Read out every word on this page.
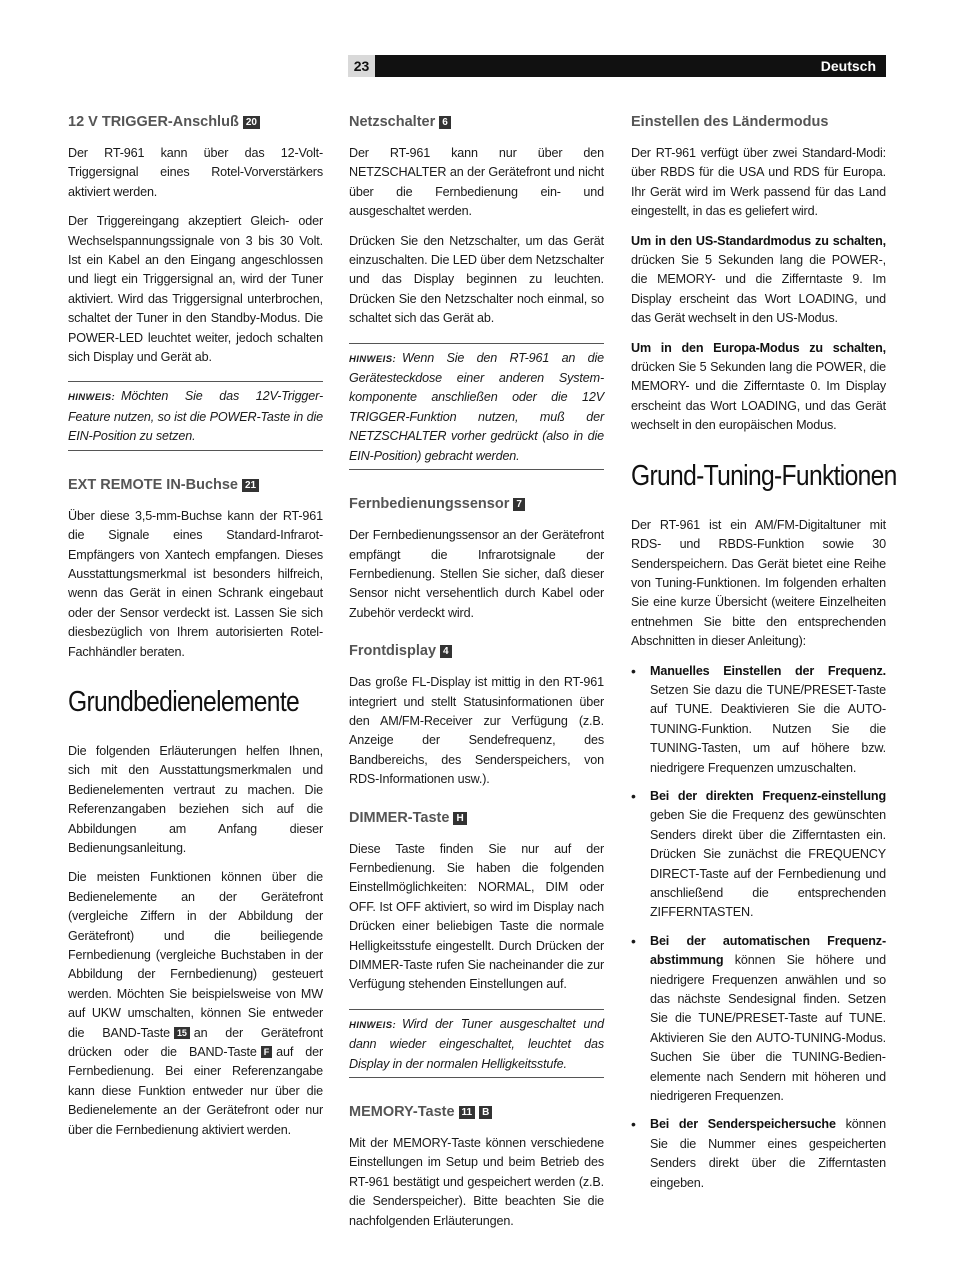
23	Deutsch
12 V TRIGGER-Anschluß 20

Der RT-961 kann über das 12-Volt-Triggersignal eines Rotel-Vorverstärkers aktiviert werden.

Der Triggereingang akzeptiert Gleich- oder Wechselspannungssignale von 3 bis 30 Volt. Ist ein Kabel an den Eingang angeschlossen und liegt ein Triggersignal an, wird der Tuner aktiviert. Wird das Triggersignal unterbrochen, schaltet der Tuner in den Standby-Modus. Die POWER-LED leuchtet weiter, jedoch schalten sich Display und Gerät ab.

HINWEIS: Möchten Sie das 12V-Trigger-Feature nutzen, so ist die POWER-Taste in die EIN-Position zu setzen.

EXT REMOTE IN-Buchse 21

Über diese 3,5-mm-Buchse kann der RT-961 die Signale eines Standard-Infrarot-Empfängers von Xantech empfangen. Dieses Ausstattungsmerkmal ist besonders hilfreich, wenn das Gerät in einen Schrank eingebaut oder der Sensor verdeckt ist. Lassen Sie sich diesbezüglich von Ihrem autorisierten Rotel-Fachhändler beraten.

Grundbedienelemente

Die folgenden Erläuterungen helfen Ihnen, sich mit den Ausstattungsmerkmalen und Bedienelementen vertraut zu machen. Die Referenzangaben beziehen sich auf die Abbildungen am Anfang dieser Bedienungsanleitung.

Die meisten Funktionen können über die Bedienelemente an der Gerätefront (vergleiche Ziffern in der Abbildung der Gerätefront) und die beiliegende Fernbedienung (vergleiche Buchstaben in der Abbildung der Fernbedienung) gesteuert werden. Möchten Sie beispielsweise von MW auf UKW umschalten, können Sie entweder die BAND-Taste 15 an der Gerätefront drücken oder die BAND-Taste F auf der Fernbedienung. Bei einer Referenzangabe kann diese Funktion entweder nur über die Bedienelemente an der Gerätefront oder nur über die Fernbedienung aktiviert werden.

Netzschalter 6

Der RT-961 kann nur über den NETZSCHALTER an der Gerätefront und nicht über die Fernbedienung ein- und ausgeschaltet werden.

Drücken Sie den Netzschalter, um das Gerät einzuschalten. Die LED über dem Netzschalter und das Display beginnen zu leuchten. Drücken Sie den Netzschalter noch einmal, so schaltet sich das Gerät ab.

HINWEIS: Wenn Sie den RT-961 an die Gerätesteckdose einer anderen System-komponente anschließen oder die 12V TRIGGER-Funktion nutzen, muß der NETZSCHALTER vorher gedrückt (also in die EIN-Position) gebracht werden.

Fernbedienungssensor 7

Der Fernbedienungssensor an der Gerätefront empfängt die Infrarotsignale der Fernbedienung. Stellen Sie sicher, daß dieser Sensor nicht versehentlich durch Kabel oder Zubehör verdeckt wird.

Frontdisplay 4

Das große FL-Display ist mittig in den RT-961 integriert und stellt Statusinformationen über den AM/FM-Receiver zur Verfügung (z.B. Anzeige der Sendefrequenz, des Bandbereichs, des Senderspeichers, von RDS-Informationen usw.).

DIMMER-Taste H

Diese Taste finden Sie nur auf der Fernbedienung. Sie haben die folgenden Einstellmöglichkeiten: NORMAL, DIM oder OFF. Ist OFF aktiviert, so wird im Display nach Drücken einer beliebigen Taste die normale Helligkeitsstufe eingestellt. Durch Drücken der DIMMER-Taste rufen Sie nacheinander die zur Verfügung stehenden Einstellungen auf.

HINWEIS: Wird der Tuner ausgeschaltet und dann wieder eingeschaltet, leuchtet das Display in der normalen Helligkeitsstufe.

MEMORY-Taste 11 B

Mit der MEMORY-Taste können verschiedene Einstellungen im Setup und beim Betrieb des RT-961 bestätigt und gespeichert werden (z.B. die Senderspeicher). Bitte beachten Sie die nachfolgenden Erläuterungen.

Einstellen des Ländermodus

Der RT-961 verfügt über zwei Standard-Modi: über RBDS für die USA und RDS für Europa. Ihr Gerät wird im Werk passend für das Land eingestellt, in das es geliefert wird.

Um in den US-Standardmodus zu schalten, drücken Sie 5 Sekunden lang die POWER-, die MEMORY- und die Zifferntaste 9. Im Display erscheint das Wort LOADING, und das Gerät wechselt in den US-Modus.

Um in den Europa-Modus zu schalten, drücken Sie 5 Sekunden lang die POWER, die MEMORY- und die Zifferntaste 0. Im Display erscheint das Wort LOADING, und das Gerät wechselt in den europäischen Modus.

Grund-Tuning-Funktionen

Der RT-961 ist ein AM/FM-Digitaltuner mit RDS- und RBDS-Funktion sowie 30 Senderspeichern. Das Gerät bietet eine Reihe von Tuning-Funktionen. Im folgenden erhalten Sie eine kurze Übersicht (weitere Einzelheiten entnehmen Sie bitte den entsprechenden Abschnitten in dieser Anleitung):

• Manuelles Einstellen der Frequenz. Setzen Sie dazu die TUNE/PRESET-Taste auf TUNE. Deaktivieren Sie die AUTO-TUNING-Funktion. Nutzen Sie die TUNING-Tasten, um auf höhere bzw. niedrigere Frequenzen umzuschalten.

• Bei der direkten Frequenz-einstellung geben Sie die Frequenz des gewünschten Senders direkt über die Zifferntasten ein. Drücken Sie zunächst die FREQUENCY DIRECT-Taste auf der Fernbedienung und anschließend die entsprechenden ZIFFERNTASTEN.

• Bei der automatischen Frequenz-abstimmung können Sie höhere und niedrigere Frequenzen anwählen und so das nächste Sendesignal finden. Setzen Sie die TUNE/PRESET-Taste auf TUNE. Aktivieren Sie den AUTO-TUNING-Modus. Suchen Sie über die TUNING-Bedienelemente nach Sendern mit höheren und niedrigeren Frequenzen.

• Bei der Senderspeichersuche können Sie die Nummer eines gespeicherten Senders direkt über die Zifferntasten eingeben.
